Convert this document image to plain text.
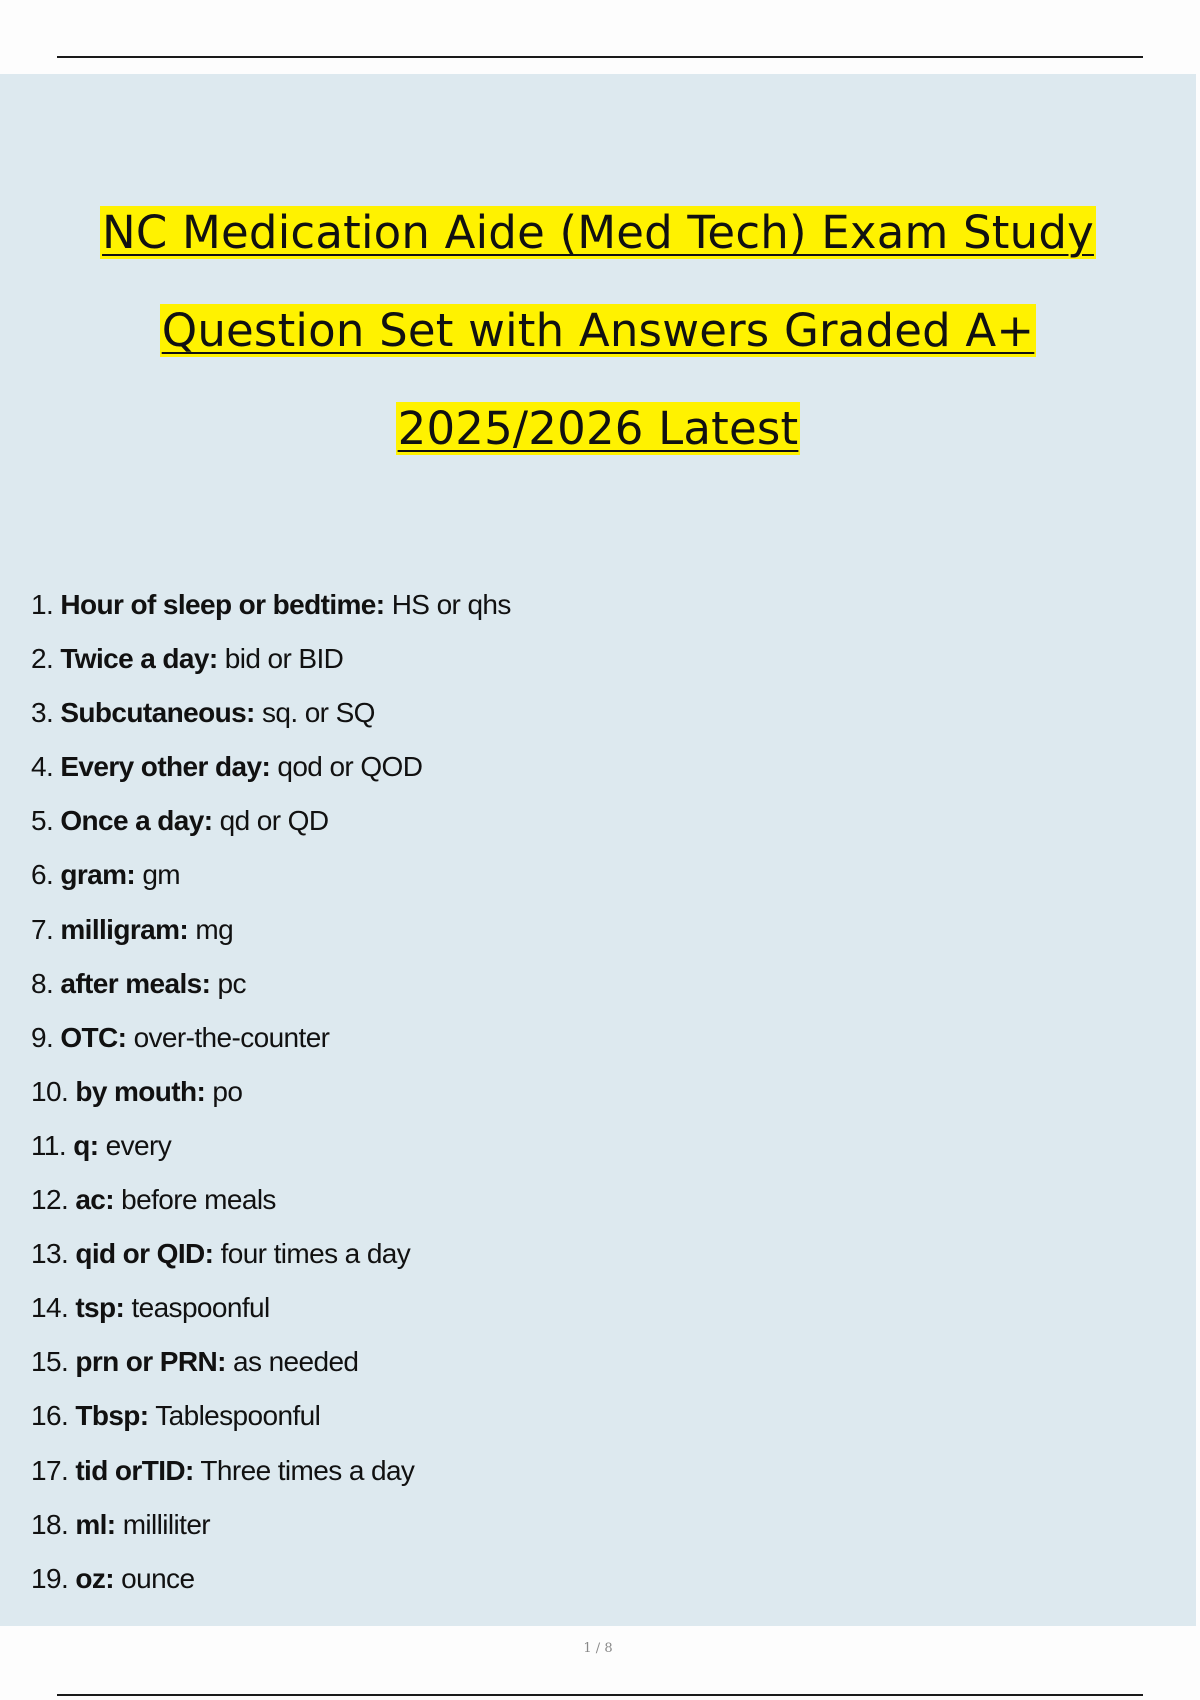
NC Medication Aide (Med Tech) Exam Study
Question Set with Answers Graded A+
2025/2026 Latest
1. Hour of sleep or bedtime: HS or qhs
2. Twice a day: bid or BID
3. Subcutaneous: sq. or SQ
4. Every other day: qod or QOD
5. Once a day: qd or QD
6. gram: gm
7. milligram: mg
8. after meals: pc
9. OTC: over-the-counter
10. by mouth: po
11. q: every
12. ac: before meals
13. qid or QID: four times a day
14. tsp: teaspoonful
15. prn or PRN: as needed
16. Tbsp: Tablespoonful
17. tid orTID: Three times a day
18. ml: milliliter
19. oz: ounce
1 / 8
